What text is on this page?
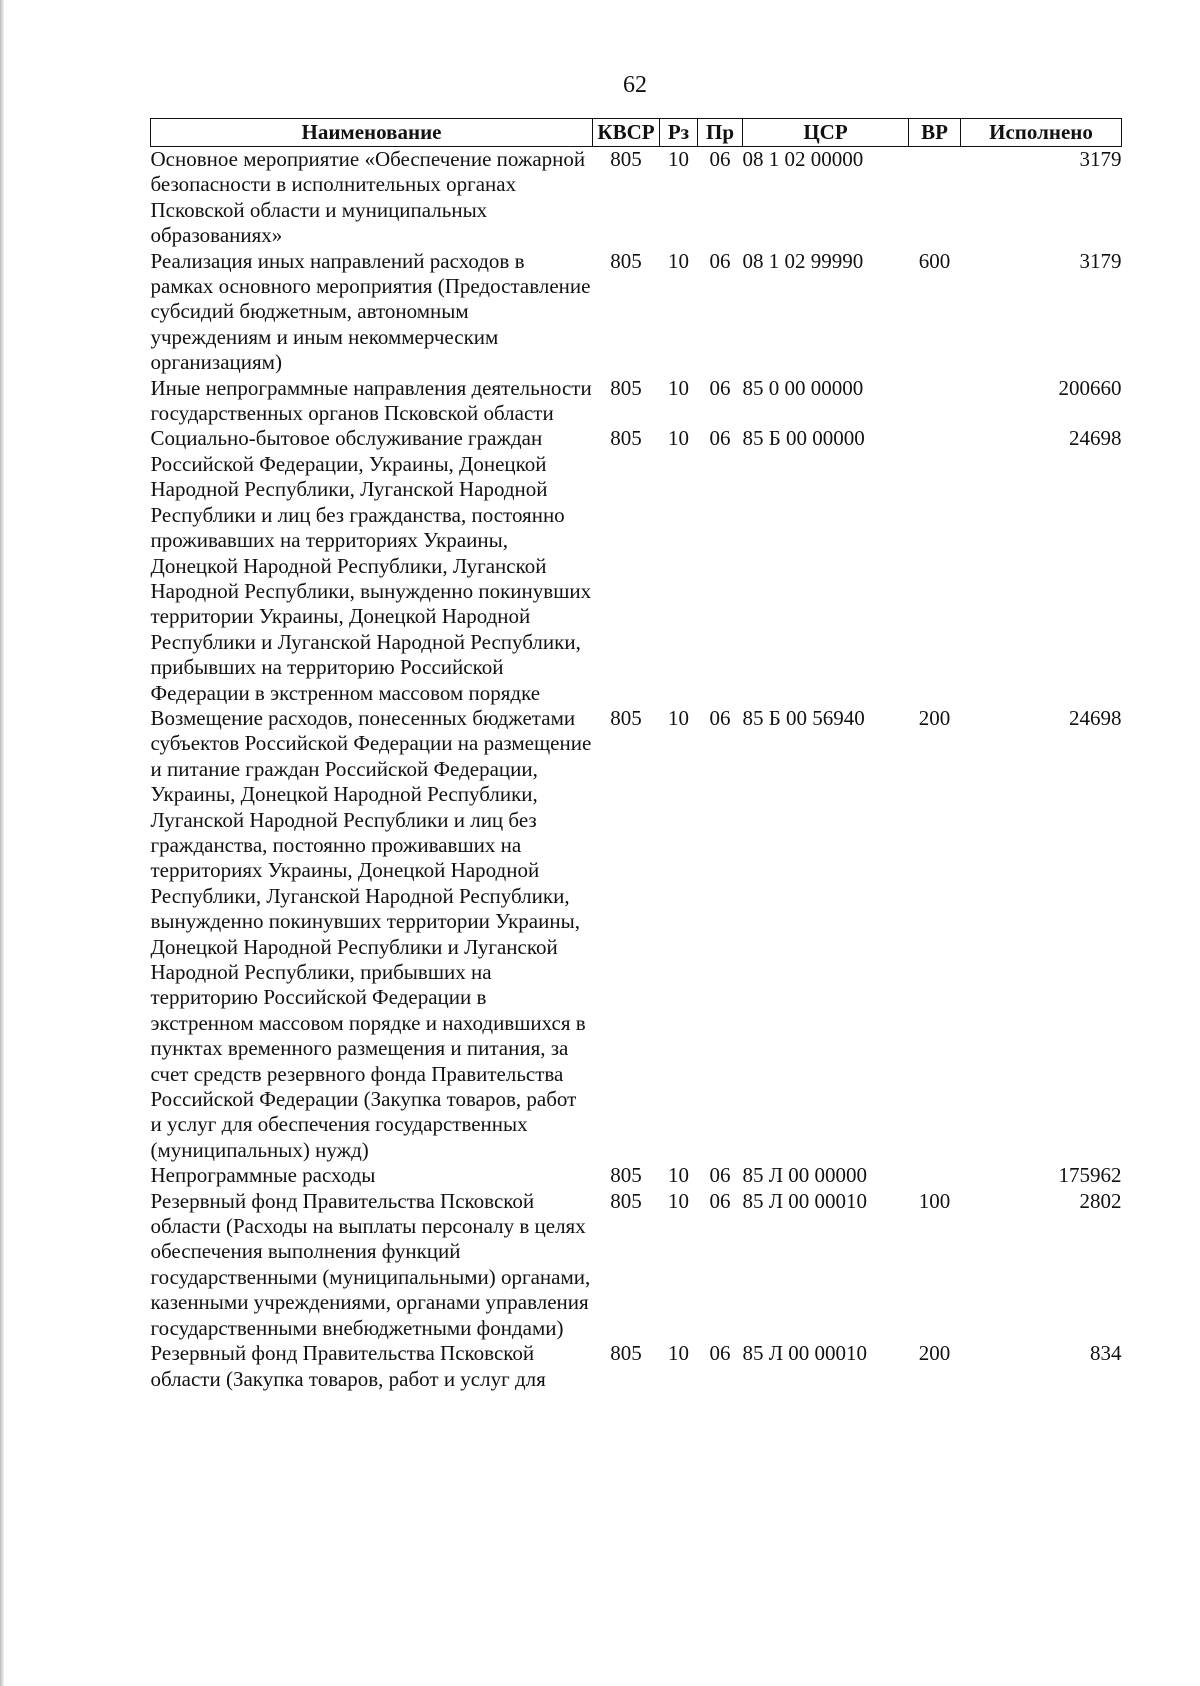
62
Наименование	КВСР	Рз	Пр	ЦСР	ВР	Исполнено
Основное мероприятие «Обеспечение пожарной безопасности в исполнительных органах Псковской области и муниципальных образованиях»	805	10	06	08 1 02 00000		3179
Реализация иных направлений расходов в рамках основного мероприятия (Предоставление субсидий бюджетным, автономным учреждениям и иным некоммерческим организациям)	805	10	06	08 1 02 99990	600	3179
Иные непрограммные направления деятельности государственных органов Псковской области	805	10	06	85 0 00 00000		200660
Социально-бытовое обслуживание граждан Российской Федерации, Украины, Донецкой Народной Республики, Луганской Народной Республики и лиц без гражданства, постоянно проживавших на территориях Украины, Донецкой Народной Республики, Луганской Народной Республики, вынужденно покинувших территории Украины, Донецкой Народной Республики и Луганской Народной Республики, прибывших на территорию Российской Федерации в экстренном массовом порядке	805	10	06	85 Б 00 00000		24698
Возмещение расходов, понесенных бюджетами субъектов Российской Федерации на размещение и питание граждан Российской Федерации, Украины, Донецкой Народной Республики, Луганской Народной Республики и лиц без гражданства, постоянно проживавших на территориях Украины, Донецкой Народной Республики, Луганской Народной Республики, вынужденно покинувших территории Украины, Донецкой Народной Республики и Луганской Народной Республики, прибывших на территорию Российской Федерации в экстренном массовом порядке и находившихся в пунктах временного размещения и питания, за счет средств резервного фонда Правительства Российской Федерации (Закупка товаров, работ и услуг для обеспечения государственных (муниципальных) нужд)	805	10	06	85 Б 00 56940	200	24698
Непрограммные расходы	805	10	06	85 Л 00 00000		175962
Резервный фонд Правительства Псковской области (Расходы на выплаты персоналу в целях обеспечения выполнения функций государственными (муниципальными) органами, казенными учреждениями, органами управления государственными внебюджетными фондами)	805	10	06	85 Л 00 00010	100	2802
Резервный фонд Правительства Псковской области (Закупка товаров, работ и услуг для	805	10	06	85 Л 00 00010	200	834
